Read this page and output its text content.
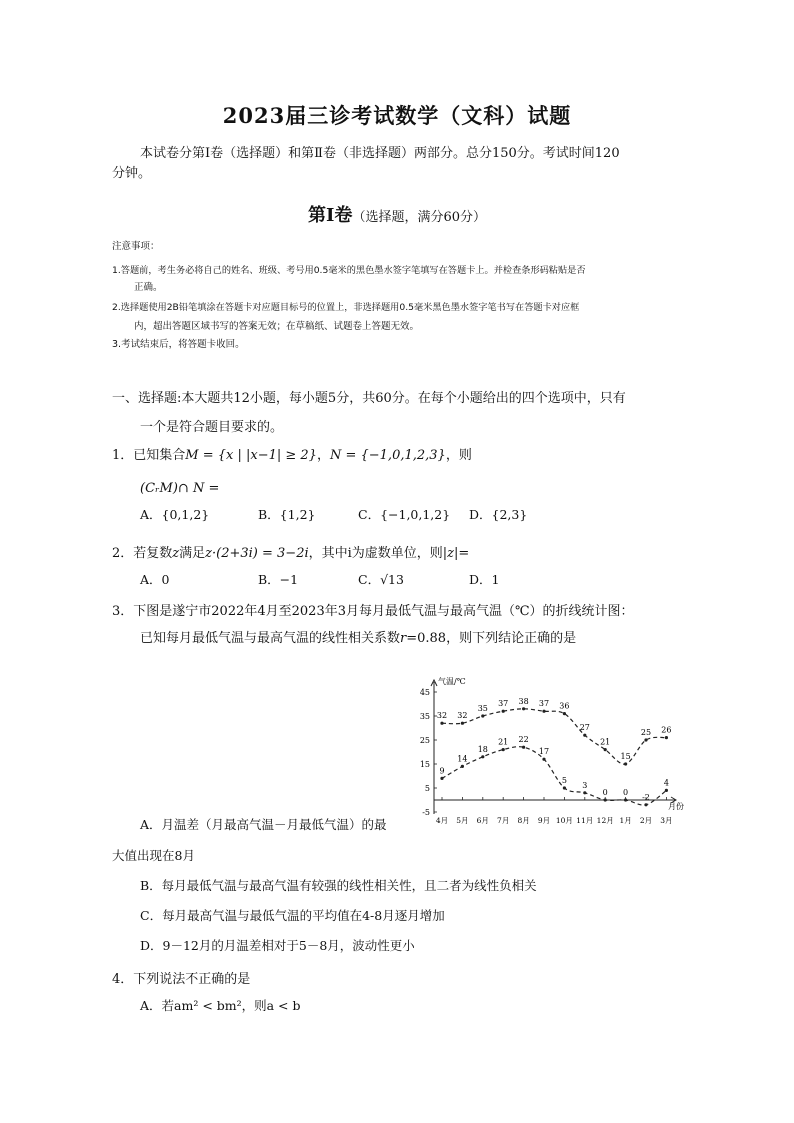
2023届三诊考试数学（文科）试题
本试卷分第Ⅰ卷（选择题）和第Ⅱ卷（非选择题）两部分。总分150分。考试时间120
分钟。
第Ⅰ卷（选择题，满分60分）
注意事项：
1.答题前，考生务必将自己的姓名、班级、考号用0.5毫米的黑色墨水签字笔填写在答题卡上。并检查条形码粘贴是否
正确。
2.选择题使用2B铅笔填涂在答题卡对应题目标号的位置上，非选择题用0.5毫米黑色墨水签字笔书写在答题卡对应框
内，超出答题区域书写的答案无效；在草稿纸、试题卷上答题无效。
3.考试结束后，将答题卡收回。
一、选择题:本大题共12小题，每小题5分，共60分。在每个小题给出的四个选项中，只有
一个是符合题目要求的。
1．已知集合M = {x | |x−1| ≥ 2}，N = {−1,0,1,2,3}，则
(CᵣM)∩ N =
A．{0,1,2}	B．{1,2}	C．{−1,0,1,2} D．{2,3}
2．若复数z满足z·(2+3i) = 3−2i，其中i为虚数单位，则|z|=
A．0	B．−1	C．√13	D．1
3．下图是遂宁市2022年4月至2023年3月每月最低气温与最高气温（℃）的折线统计图：
已知每月最低气温与最高气温的线性相关系数r=0.88，则下列结论正确的是
气温/℃
月份
-5
5
15
25
35
45
4月 5月 6月 7月 8月 9月 10月 11月 12月 1月 2月 3月
32 32
35
37 38 37 36
27
21
15
25 26
9
14
18
21 22
17
5
3
0 0
-2
4
A．月温差（月最高气温－月最低气温）的最
大值出现在8月
B．每月最低气温与最高气温有较强的线性相关性，且二者为线性负相关
C．每月最高气温与最低气温的平均值在4-8月逐月增加
D．9－12月的月温差相对于5－8月，波动性更小
4．下列说法不正确的是
A．若am² < bm²，则a < b
